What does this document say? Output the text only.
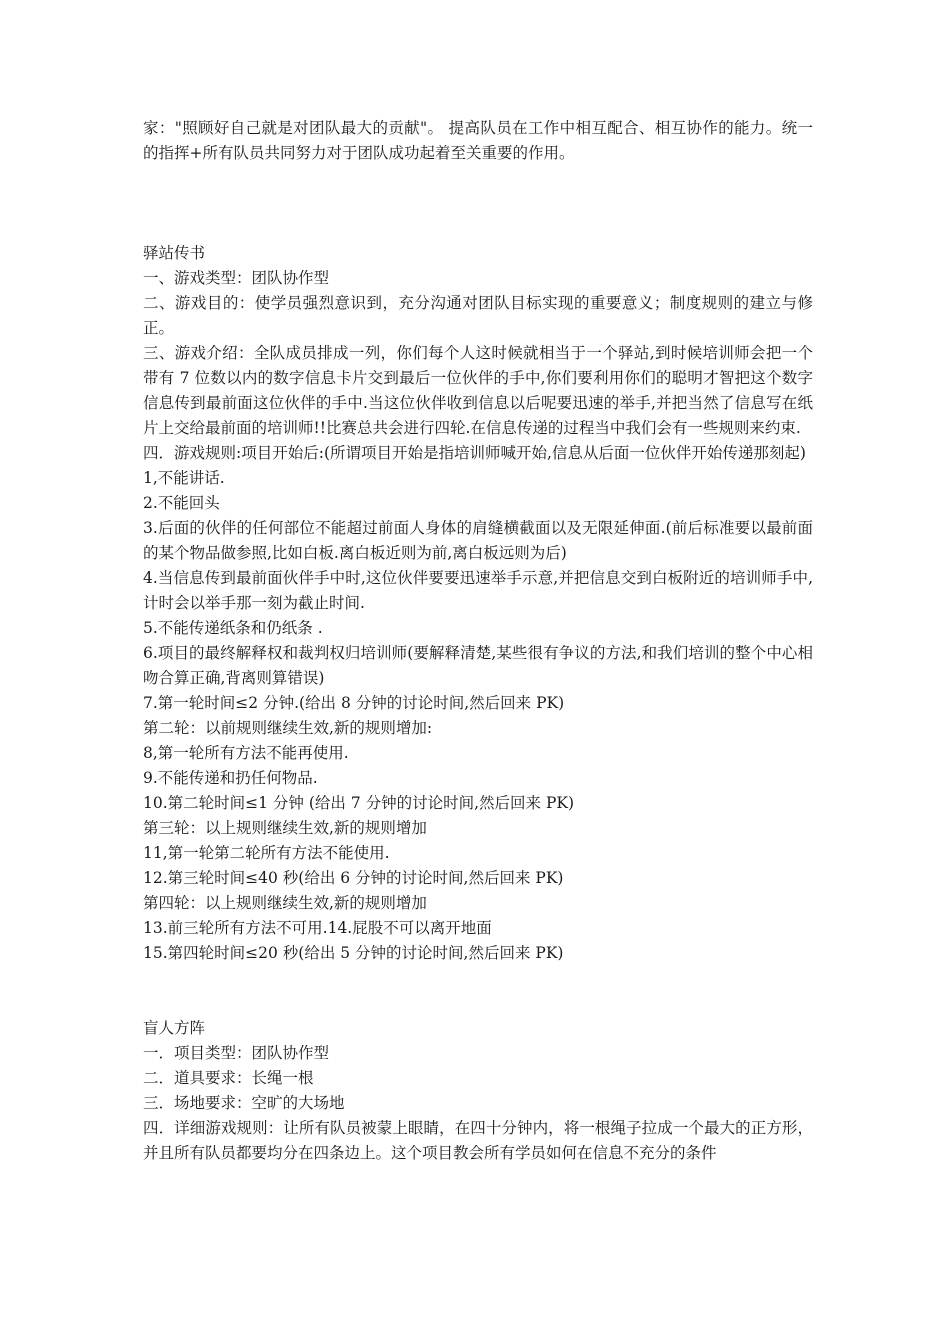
家："照顾好自己就是对团队最大的贡献"。 提高队员在工作中相互配合、相互协作的能力。统一的指挥+所有队员共同努力对于团队成功起着至关重要的作用。

驿站传书

一、游戏类型：团队协作型

二、游戏目的：使学员强烈意识到，充分沟通对团队目标实现的重要意义；制度规则的建立与修正。

三、游戏介绍：全队成员排成一列，你们每个人这时候就相当于一个驿站,到时候培训师会把一个带有 7 位数以内的数字信息卡片交到最后一位伙伴的手中,你们要利用你们的聪明才智把这个数字信息传到最前面这位伙伴的手中.当这位伙伴收到信息以后呢要迅速的举手,并把当然了信息写在纸片上交给最前面的培训师!!比赛总共会进行四轮.在信息传递的过程当中我们会有一些规则来约束.

四．游戏规则:项目开始后:(所谓项目开始是指培训师喊开始,信息从后面一位伙伴开始传递那刻起)

1,不能讲话.

2.不能回头

3.后面的伙伴的任何部位不能超过前面人身体的肩缝横截面以及无限延伸面.(前后标准要以最前面的某个物品做参照,比如白板.离白板近则为前,离白板远则为后)

4.当信息传到最前面伙伴手中时,这位伙伴要要迅速举手示意,并把信息交到白板附近的培训师手中,计时会以举手那一刻为截止时间.

5.不能传递纸条和仍纸条 .

6.项目的最终解释权和裁判权归培训师(要解释清楚,某些很有争议的方法,和我们培训的整个中心相吻合算正确,背离则算错误)

7.第一轮时间≤2 分钟.(给出 8 分钟的讨论时间,然后回来 PK)

第二轮：以前规则继续生效,新的规则增加:

8,第一轮所有方法不能再使用.

9.不能传递和扔任何物品.

10.第二轮时间≤1 分钟 (给出 7 分钟的讨论时间,然后回来 PK)

第三轮：以上规则继续生效,新的规则增加

11,第一轮第二轮所有方法不能使用.

12.第三轮时间≤40 秒(给出 6 分钟的讨论时间,然后回来 PK)

第四轮：以上规则继续生效,新的规则增加

13.前三轮所有方法不可用.14.屁股不可以离开地面

15.第四轮时间≤20 秒(给出 5 分钟的讨论时间,然后回来 PK)

盲人方阵

一．项目类型：团队协作型

二．道具要求：长绳一根

三．场地要求：空旷的大场地

四．详细游戏规则：让所有队员被蒙上眼睛，在四十分钟内，将一根绳子拉成一个最大的正方形，并且所有队员都要均分在四条边上。这个项目教会所有学员如何在信息不充分的条件
